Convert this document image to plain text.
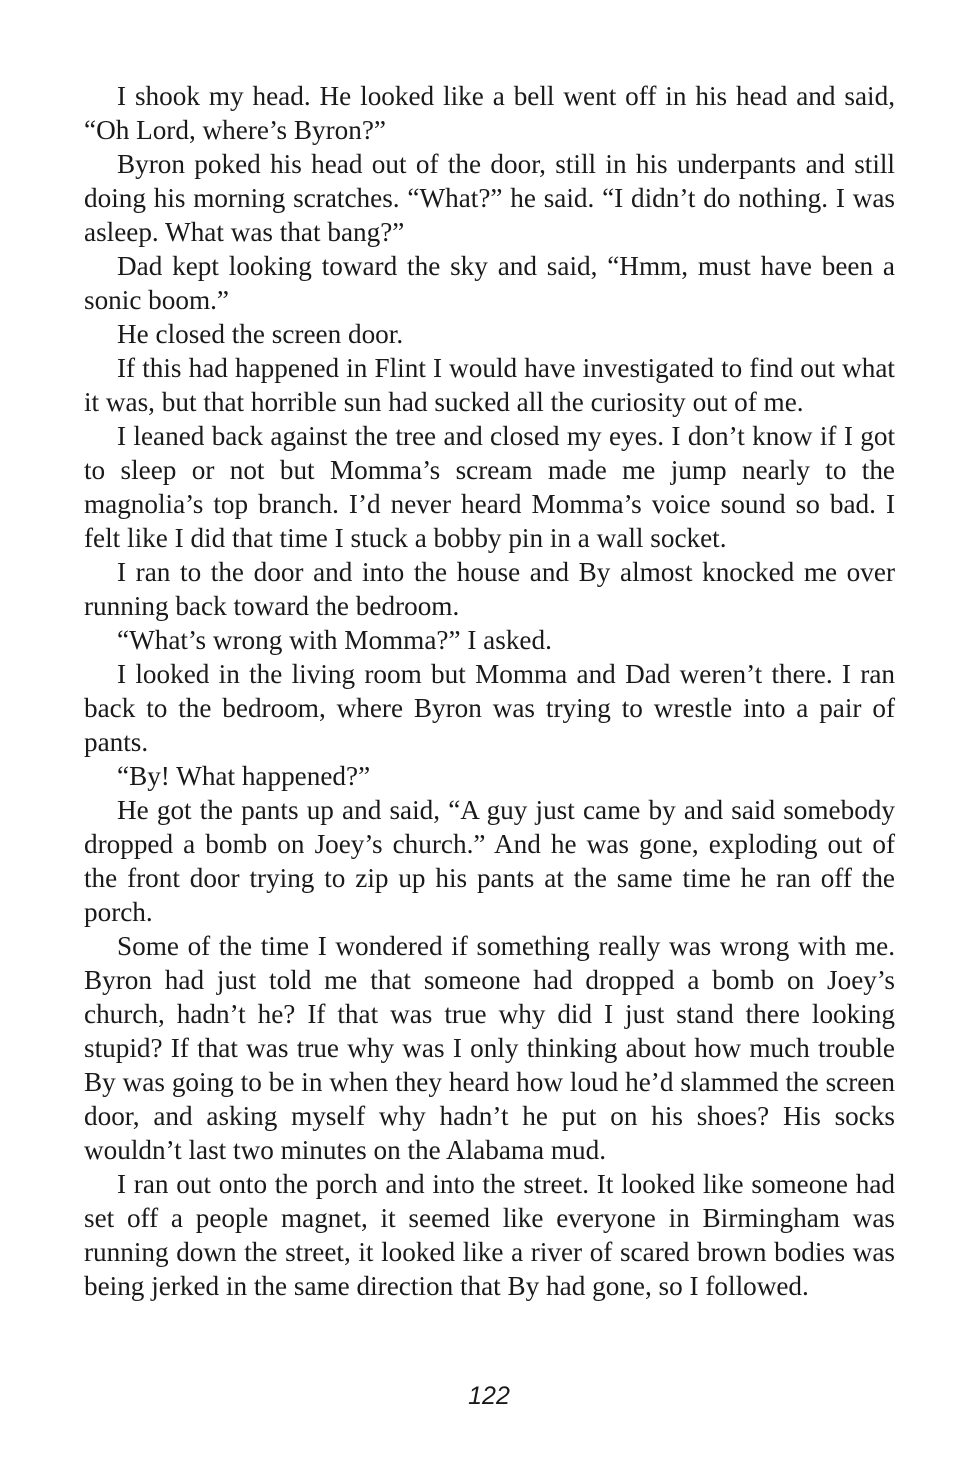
I shook my head. He looked like a bell went off in his head and said, “Oh Lord, where’s Byron?”

Byron poked his head out of the door, still in his underpants and still doing his morning scratches. “What?” he said. “I didn’t do nothing. I was asleep. What was that bang?”

Dad kept looking toward the sky and said, “Hmm, must have been a sonic boom.”

He closed the screen door.

If this had happened in Flint I would have investigated to find out what it was, but that horrible sun had sucked all the curiosity out of me.

I leaned back against the tree and closed my eyes. I don’t know if I got to sleep or not but Momma’s scream made me jump nearly to the magnolia’s top branch. I’d never heard Momma’s voice sound so bad. I felt like I did that time I stuck a bobby pin in a wall socket.

I ran to the door and into the house and By almost knocked me over running back toward the bedroom.

“What’s wrong with Momma?” I asked.

I looked in the living room but Momma and Dad weren’t there. I ran back to the bedroom, where Byron was trying to wrestle into a pair of pants.

“By! What happened?”

He got the pants up and said, “A guy just came by and said somebody dropped a bomb on Joey’s church.” And he was gone, exploding out of the front door trying to zip up his pants at the same time he ran off the porch.

Some of the time I wondered if something really was wrong with me. Byron had just told me that someone had dropped a bomb on Joey’s church, hadn’t he? If that was true why did I just stand there looking stupid? If that was true why was I only thinking about how much trouble By was going to be in when they heard how loud he’d slammed the screen door, and asking myself why hadn’t he put on his shoes? His socks wouldn’t last two minutes on the Alabama mud.

I ran out onto the porch and into the street. It looked like someone had set off a people magnet, it seemed like everyone in Birmingham was running down the street, it looked like a river of scared brown bodies was being jerked in the same direction that By had gone, so I followed.

122
